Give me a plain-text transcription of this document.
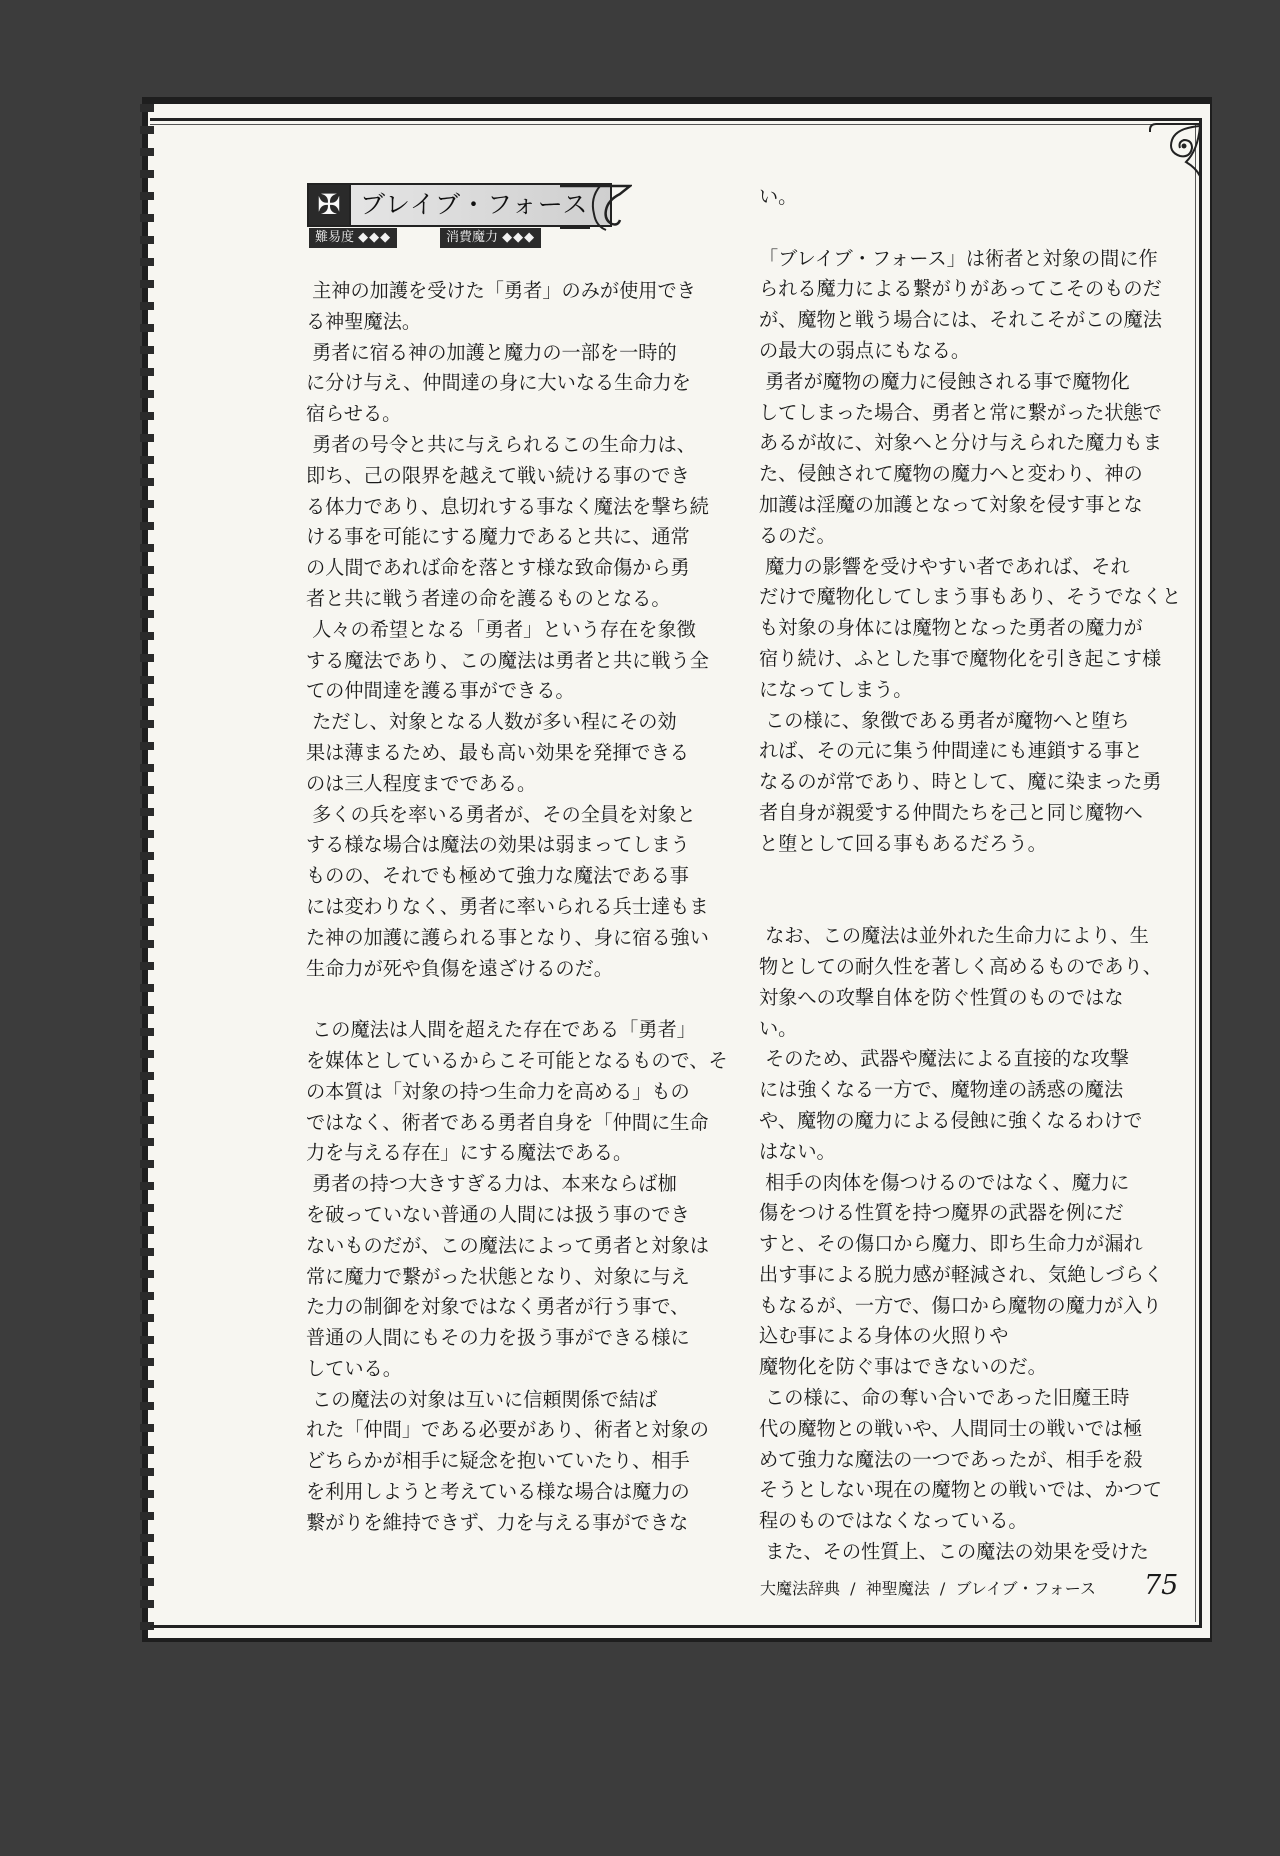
✠ ブレイブ・フォース
難易度 ◆◆◆	消費魔力 ◆◆◆

主神の加護を受けた「勇者」のみが使用でき

る神聖魔法。

勇者に宿る神の加護と魔力の一部を一時的

に分け与え、仲間達の身に大いなる生命力を

宿らせる。

勇者の号令と共に与えられるこの生命力は、

即ち、己の限界を越えて戦い続ける事のでき

る体力であり、息切れする事なく魔法を撃ち続

ける事を可能にする魔力であると共に、通常

の人間であれば命を落とす様な致命傷から勇

者と共に戦う者達の命を護るものとなる。

人々の希望となる「勇者」という存在を象徴

する魔法であり、この魔法は勇者と共に戦う全

ての仲間達を護る事ができる。

ただし、対象となる人数が多い程にその効

果は薄まるため、最も高い効果を発揮できる

のは三人程度までである。

多くの兵を率いる勇者が、その全員を対象と

する様な場合は魔法の効果は弱まってしまう

ものの、それでも極めて強力な魔法である事

には変わりなく、勇者に率いられる兵士達もま

た神の加護に護られる事となり、身に宿る強い

生命力が死や負傷を遠ざけるのだ。

この魔法は人間を超えた存在である「勇者」

を媒体としているからこそ可能となるもので、そ

の本質は「対象の持つ生命力を高める」もの

ではなく、術者である勇者自身を「仲間に生命

力を与える存在」にする魔法である。

勇者の持つ大きすぎる力は、本来ならば枷

を破っていない普通の人間には扱う事のでき

ないものだが、この魔法によって勇者と対象は

常に魔力で繋がった状態となり、対象に与え

た力の制御を対象ではなく勇者が行う事で、

普通の人間にもその力を扱う事ができる様に

している。

この魔法の対象は互いに信頼関係で結ば

れた「仲間」である必要があり、術者と対象の

どちらかが相手に疑念を抱いていたり、相手

を利用しようと考えている様な場合は魔力の

繋がりを維持できず、力を与える事ができな

い。

「ブレイブ・フォース」は術者と対象の間に作

られる魔力による繋がりがあってこそのものだ

が、魔物と戦う場合には、それこそがこの魔法

の最大の弱点にもなる。

勇者が魔物の魔力に侵蝕される事で魔物化

してしまった場合、勇者と常に繋がった状態で

あるが故に、対象へと分け与えられた魔力もま

た、侵蝕されて魔物の魔力へと変わり、神の

加護は淫魔の加護となって対象を侵す事とな

るのだ。

魔力の影響を受けやすい者であれば、それ

だけで魔物化してしまう事もあり、そうでなくと

も対象の身体には魔物となった勇者の魔力が

宿り続け、ふとした事で魔物化を引き起こす様

になってしまう。

この様に、象徴である勇者が魔物へと堕ち

れば、その元に集う仲間達にも連鎖する事と

なるのが常であり、時として、魔に染まった勇

者自身が親愛する仲間たちを己と同じ魔物へ

と堕として回る事もあるだろう。

なお、この魔法は並外れた生命力により、生

物としての耐久性を著しく高めるものであり、

対象への攻撃自体を防ぐ性質のものではな

い。

そのため、武器や魔法による直接的な攻撃

には強くなる一方で、魔物達の誘惑の魔法

や、魔物の魔力による侵蝕に強くなるわけで

はない。

相手の肉体を傷つけるのではなく、魔力に

傷をつける性質を持つ魔界の武器を例にだ

すと、その傷口から魔力、即ち生命力が漏れ

出す事による脱力感が軽減され、気絶しづらく

もなるが、一方で、傷口から魔物の魔力が入り

込む事による身体の火照りや

魔物化を防ぐ事はできないのだ。

この様に、命の奪い合いであった旧魔王時

代の魔物との戦いや、人間同士の戦いでは極

めて強力な魔法の一つであったが、相手を殺

そうとしない現在の魔物との戦いでは、かつて

程のものではなくなっている。

また、その性質上、この魔法の効果を受けた

大魔法辞典  /  神聖魔法  /  ブレイブ・フォース 75
